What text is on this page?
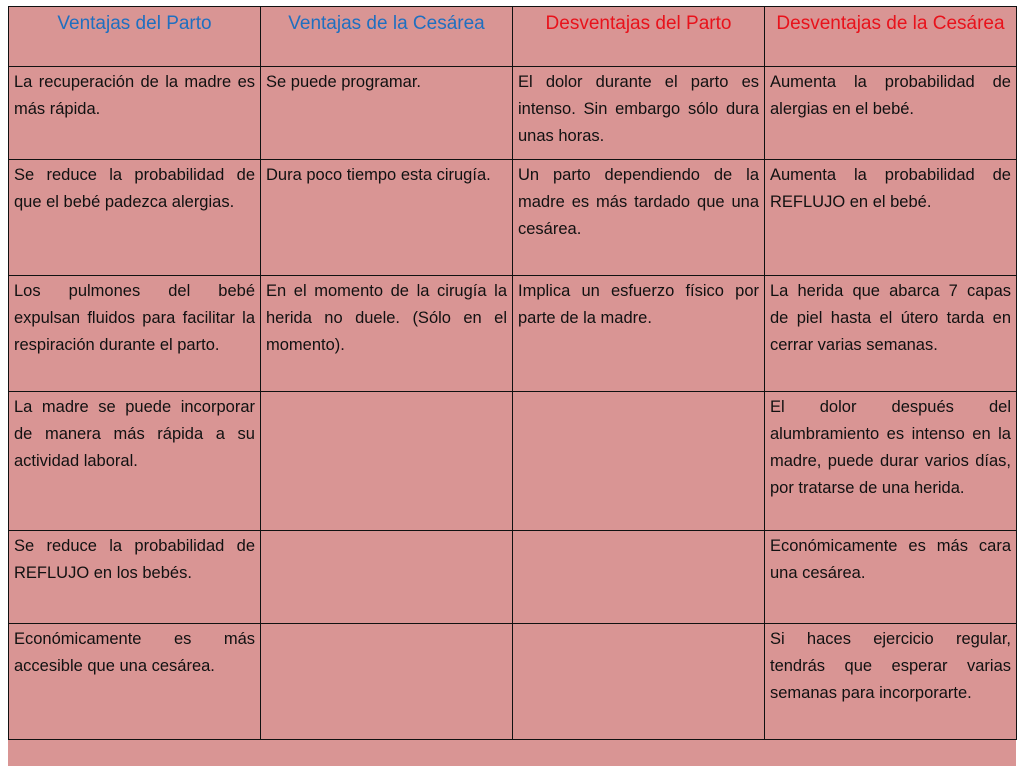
Ventajas del Parto	Ventajas de la Cesárea	Desventajas del Parto	Desventajas de la Cesárea
La recuperación de la madre es más rápida.	Se puede programar.	El dolor durante el parto es intenso. Sin embargo sólo dura unas horas.	Aumenta la probabilidad de alergias en el bebé.
Se reduce la probabilidad de que el bebé padezca alergias.	Dura poco tiempo esta cirugía.	Un parto dependiendo de la madre es más tardado que una cesárea.	Aumenta la probabilidad de REFLUJO en el bebé.
Los pulmones del bebé expulsan fluidos para facilitar la respiración durante el parto.	En el momento de la cirugía la herida no duele. (Sólo en el momento).	Implica un esfuerzo físico por parte de la madre.	La herida que abarca 7 capas de piel hasta el útero tarda en cerrar varias semanas.
La madre se puede incorporar de manera más rápida a su actividad laboral.			El dolor después del alumbramiento es intenso en la madre, puede durar varios días, por tratarse de una herida.
Se reduce la probabilidad de REFLUJO en los bebés.			Económicamente es más cara una cesárea.
Económicamente es más accesible que una cesárea.			Si haces ejercicio regular, tendrás que esperar varias semanas para incorporarte.
